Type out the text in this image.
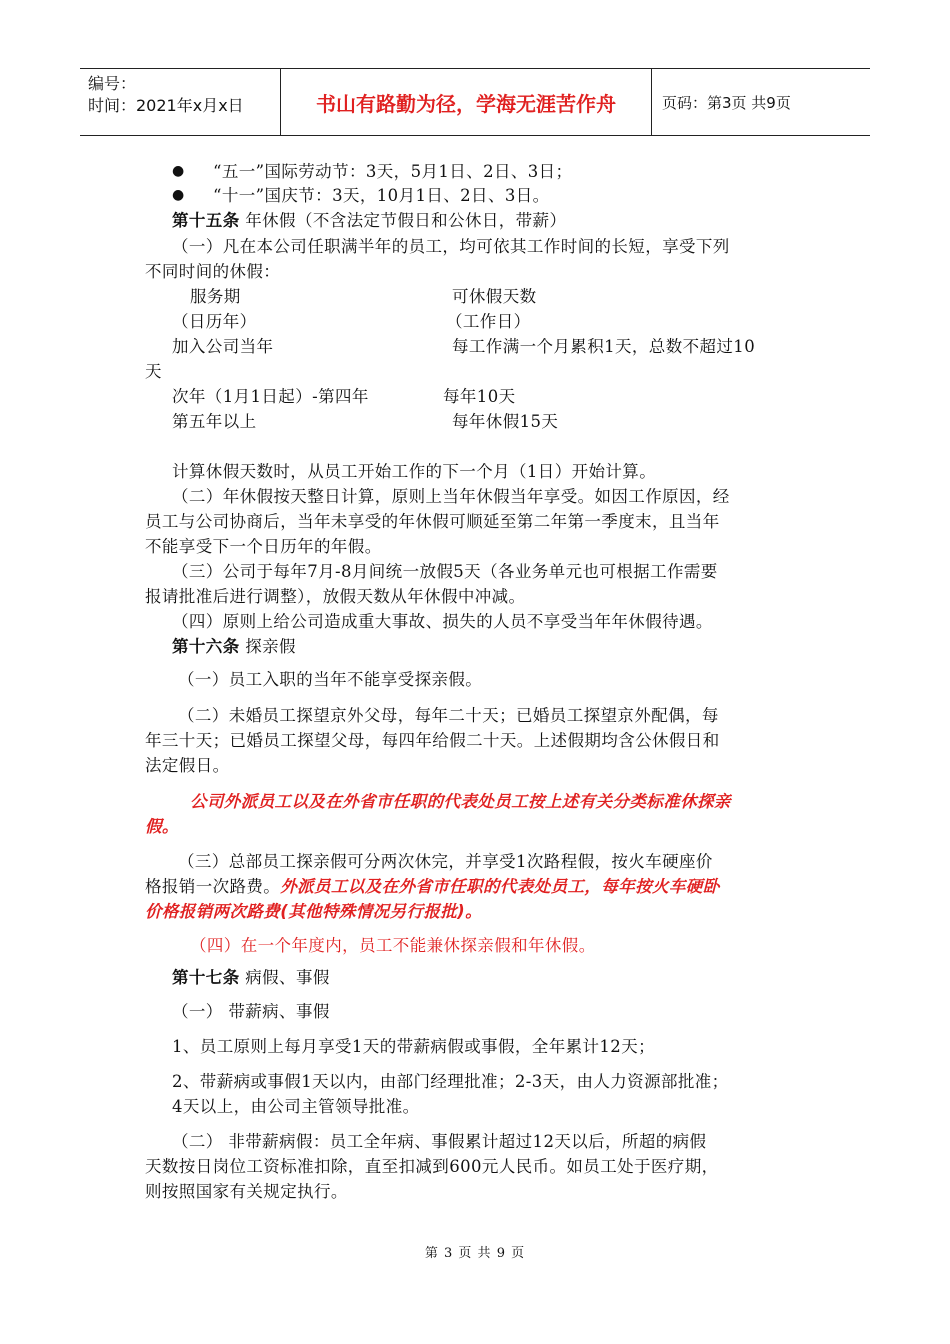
编号：
时间：2021年x月x日	书山有路勤为径，学海无涯苦作舟	页码：第3页 共9页
● “五一”国际劳动节：3天，5月1日、2日、3日；
● “十一”国庆节：3天，10月1日、2日、3日。
第十五条 年休假（不含法定节假日和公休日，带薪）
（一）凡在本公司任职满半年的员工，均可依其工作时间的长短，享受下列
不同时间的休假：
服务期	可休假天数
（日历年）	（工作日）
加入公司当年	每工作满一个月累积1天，总数不超过10
天
次年（1月1日起）-第四年	每年10天
第五年以上	每年休假15天
计算休假天数时，从员工开始工作的下一个月（1日）开始计算。
（二）年休假按天整日计算，原则上当年休假当年享受。如因工作原因，经
员工与公司协商后，当年未享受的年休假可顺延至第二年第一季度末，且当年
不能享受下一个日历年的年假。
（三）公司于每年7月-8月间统一放假5天（各业务单元也可根据工作需要
报请批准后进行调整），放假天数从年休假中冲减。
（四）原则上给公司造成重大事故、损失的人员不享受当年年休假待遇。
第十六条 探亲假
（一）员工入职的当年不能享受探亲假。
（二）未婚员工探望京外父母，每年二十天；已婚员工探望京外配偶，每
年三十天；已婚员工探望父母，每四年给假二十天。上述假期均含公休假日和
法定假日。
公司外派员工以及在外省市任职的代表处员工按上述有关分类标准休探亲
假。
（三）总部员工探亲假可分两次休完，并享受1次路程假，按火车硬座价
格报销一次路费。外派员工以及在外省市任职的代表处员工，每年按火车硬卧
价格报销两次路费(其他特殊情况另行报批)。
（四）在一个年度内，员工不能兼休探亲假和年休假。
第十七条 病假、事假
（一） 带薪病、事假
1、员工原则上每月享受1天的带薪病假或事假，全年累计12天；
2、带薪病或事假1天以内，由部门经理批准；2-3天，由人力资源部批准；
4天以上，由公司主管领导批准。
（二） 非带薪病假：员工全年病、事假累计超过12天以后，所超的病假
天数按日岗位工资标准扣除，直至扣减到600元人民币。如员工处于医疗期，
则按照国家有关规定执行。
第 3 页 共 9 页
